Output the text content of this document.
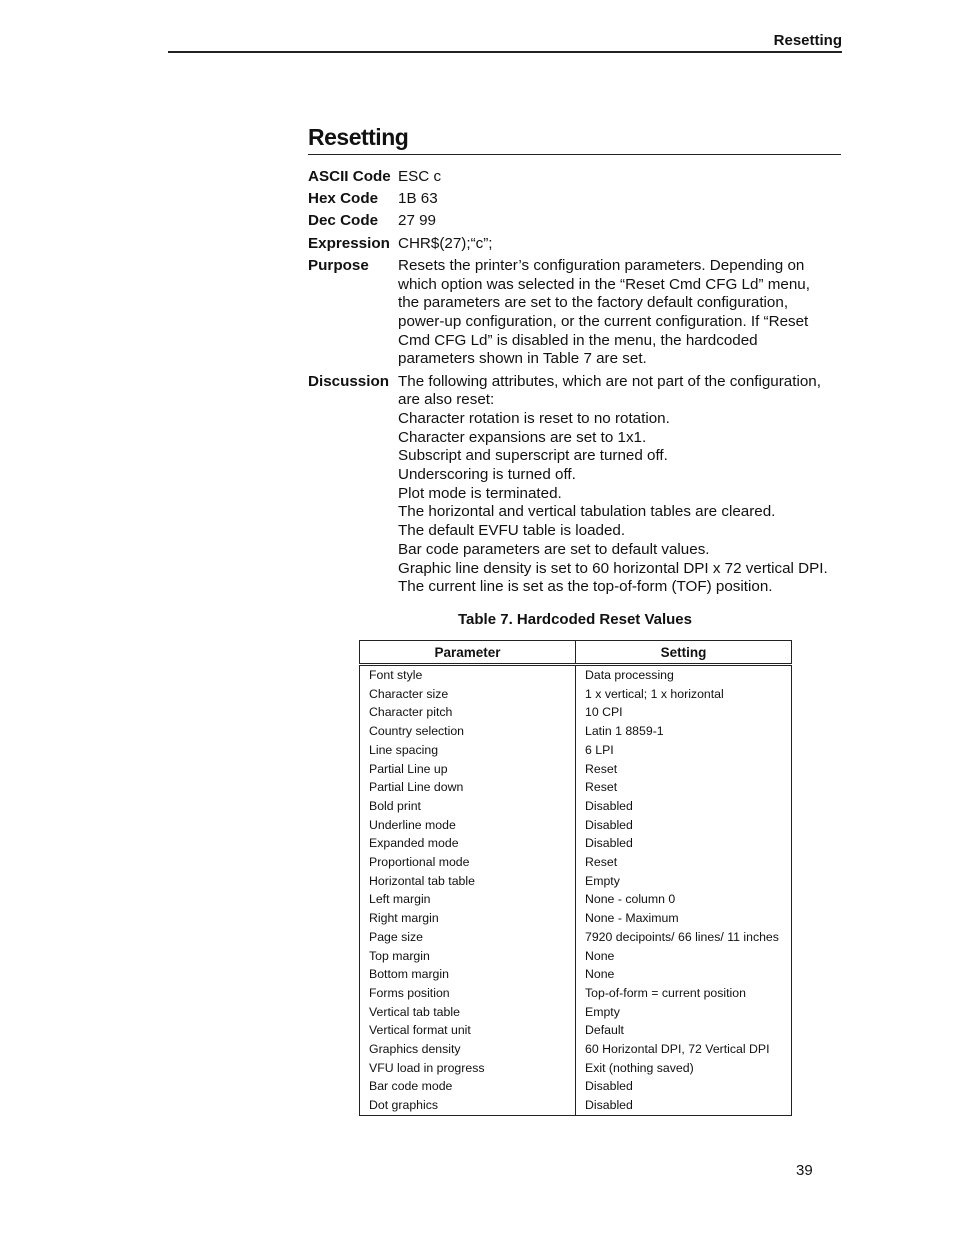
Resetting
Resetting
ASCII Code ESC c
Hex Code	1B 63
Dec Code	27 99
Expression CHR$(27);“c”;
Purpose	Resets the printer’s configuration parameters. Depending on
which option was selected in the “Reset Cmd CFG Ld” menu,
the parameters are set to the factory default configuration,
power-up configuration, or the current configuration. If “Reset
Cmd CFG Ld” is disabled in the menu, the hardcoded
parameters shown in Table 7 are set.
Discussion The following attributes, which are not part of the configuration,
are also reset:
Character rotation is reset to no rotation.
Character expansions are set to 1x1.
Subscript and superscript are turned off.
Underscoring is turned off.
Plot mode is terminated.
The horizontal and vertical tabulation tables are cleared.
The default EVFU table is loaded.
Bar code parameters are set to default values.
Graphic line density is set to 60 horizontal DPI x 72 vertical DPI.
The current line is set as the top-of-form (TOF) position.
Table 7. Hardcoded Reset Values
Parameter	Setting
Font style	Data processing
Character size	1 x vertical; 1 x horizontal
Character pitch	10 CPI
Country selection	Latin 1 8859-1
Line spacing	6 LPI
Partial Line up	Reset
Partial Line down	Reset
Bold print	Disabled
Underline mode	Disabled
Expanded mode	Disabled
Proportional mode	Reset
Horizontal tab table	Empty
Left margin	None - column 0
Right margin	None - Maximum
Page size	7920 decipoints/ 66 lines/ 11 inches
Top margin	None
Bottom margin	None
Forms position	Top-of-form = current position
Vertical tab table	Empty
Vertical format unit	Default
Graphics density	60 Horizontal DPI, 72 Vertical DPI
VFU load in progress	Exit (nothing saved)
Bar code mode	Disabled
Dot graphics	Disabled
39
